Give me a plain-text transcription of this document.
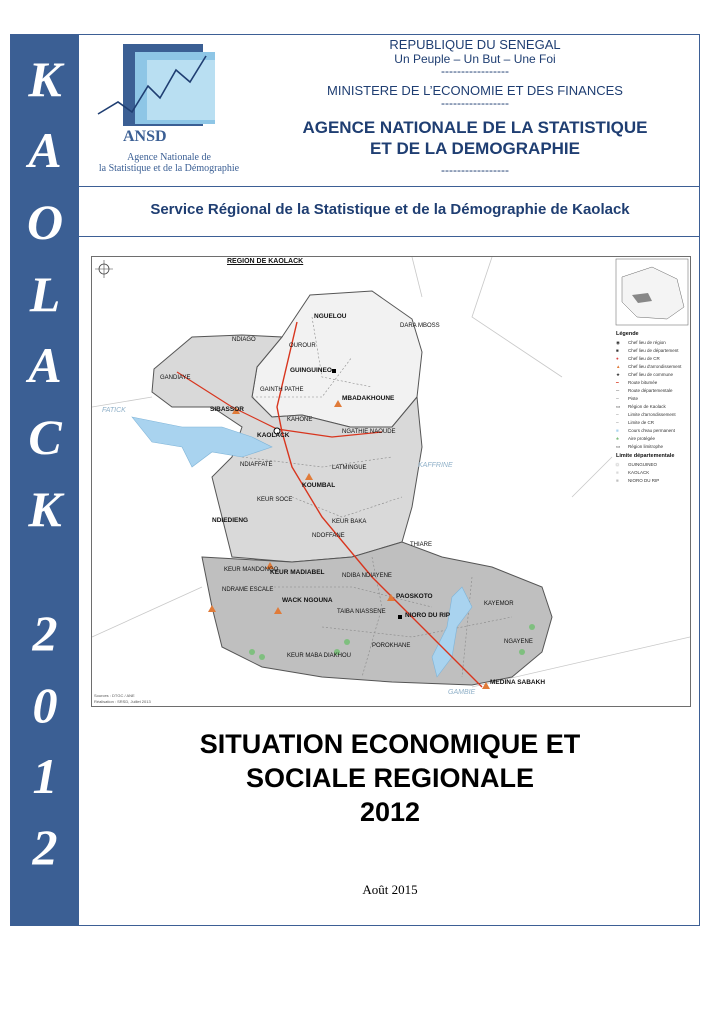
K
A
O
L
A
C
K
2
0
1
2
ANSD
Agence Nationale de
la Statistique et de la Démographie
REPUBLIQUE DU SENEGAL
Un Peuple – Un But – Une Foi
-----------------
MINISTERE DE L’ECONOMIE ET DES FINANCES
-----------------
AGENCE NATIONALE DE LA STATISTIQUE
ET DE LA DEMOGRAPHIE
-----------------
Service Régional de la Statistique et de la Démographie de Kaolack
REGION DE KAOLACK
FATICK
KAFFRINE
GAMBIE
NGUELOU
GUINGUINEO
MBADAKHOUNE
SIBASSOR
KAHONE
KAOLACK
GANDIAYE
NGATHIE NAOUDE
KOUMBAL
NDIEDIENG
KEUR MADIABEL
WACK NGOUNA
PAOSKOTO
NIORO DU RIP
MEDINA SABAKH
KEUR SOCE
KEUR BAKA
NDOFFANE
THIARE
LATMINGUE
GAINTH PATHE
OUROUR
NDIAGO
DARA MBOSS
NDIAFFATE
KAYEMOR
NDIBA NDIAYENE
POROKHANE
TAIBA NIASSENE
NDRAME ESCALE
KEUR MANDONGO
KEUR MABA DIAKHOU
NGAYENE
Légende
◉	Chef lieu de région
■	Chef lieu de département
●	Chef lieu de CR
▲	Chef lieu d'arrondissement
★	Chef lieu de commune
━	Route bitumée
─	Route départementale
┄	Piste
▭	Région de Kaolack
┈	Limite d'arrondissement
┈	Limite de CR
■	Cours d'eau permanent
♣	Aire protégée
▭	Région limitrophe
Limite départementale
■	GUINGUINEO
■	KAOLACK
■	NIORO DU RIP
Sources : DTGC / ANE
Réalisation : SRSD, Juillet 2013
SITUATION ECONOMIQUE ET
SOCIALE REGIONALE
2012
Août 2015
